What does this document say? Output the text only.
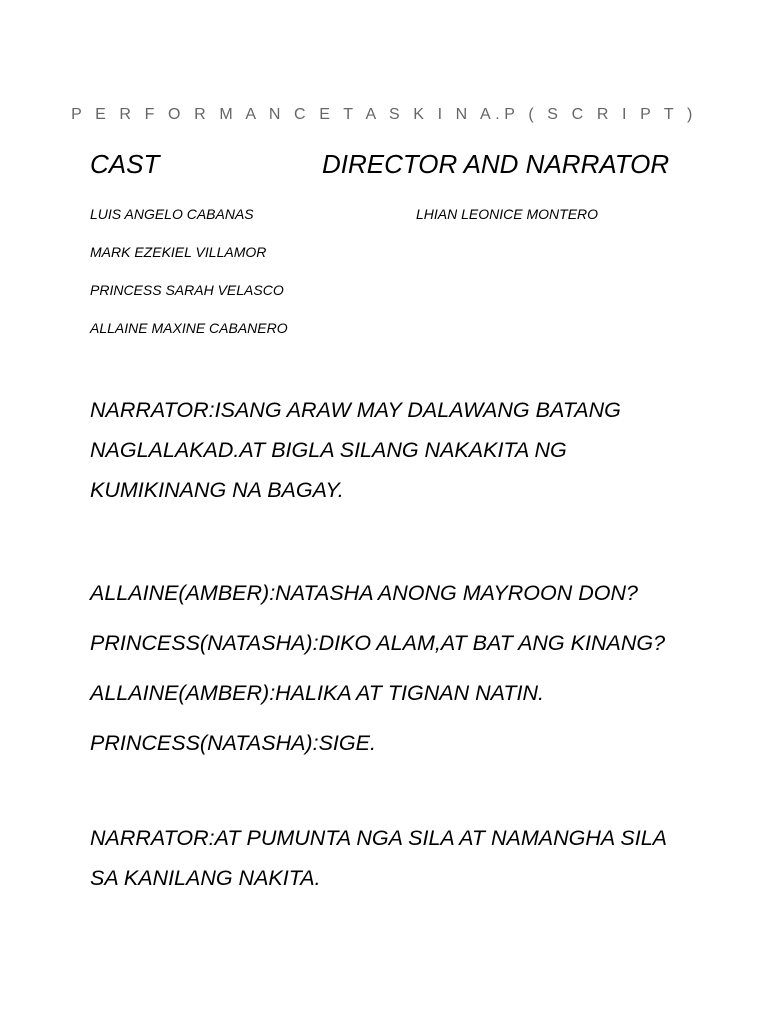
P E R F O R M A N C E T A S K I N A.P ( S C R I P T )
CAST	DIRECTOR AND NARRATOR
LUIS ANGELO CABANAS
MARK EZEKIEL VILLAMOR
PRINCESS SARAH VELASCO
ALLAINE MAXINE CABANERO
LHIAN LEONICE MONTERO
NARRATOR:ISANG ARAW MAY DALAWANG BATANG
NAGLALAKAD.AT BIGLA SILANG NAKAKITA NG
KUMIKINANG NA BAGAY.
ALLAINE(AMBER):NATASHA ANONG MAYROON DON?
PRINCESS(NATASHA):DIKO ALAM,AT BAT ANG KINANG?
ALLAINE(AMBER):HALIKA AT TIGNAN NATIN.
PRINCESS(NATASHA):SIGE.
NARRATOR:AT PUMUNTA NGA SILA AT NAMANGHA SILA
SA KANILANG NAKITA.
